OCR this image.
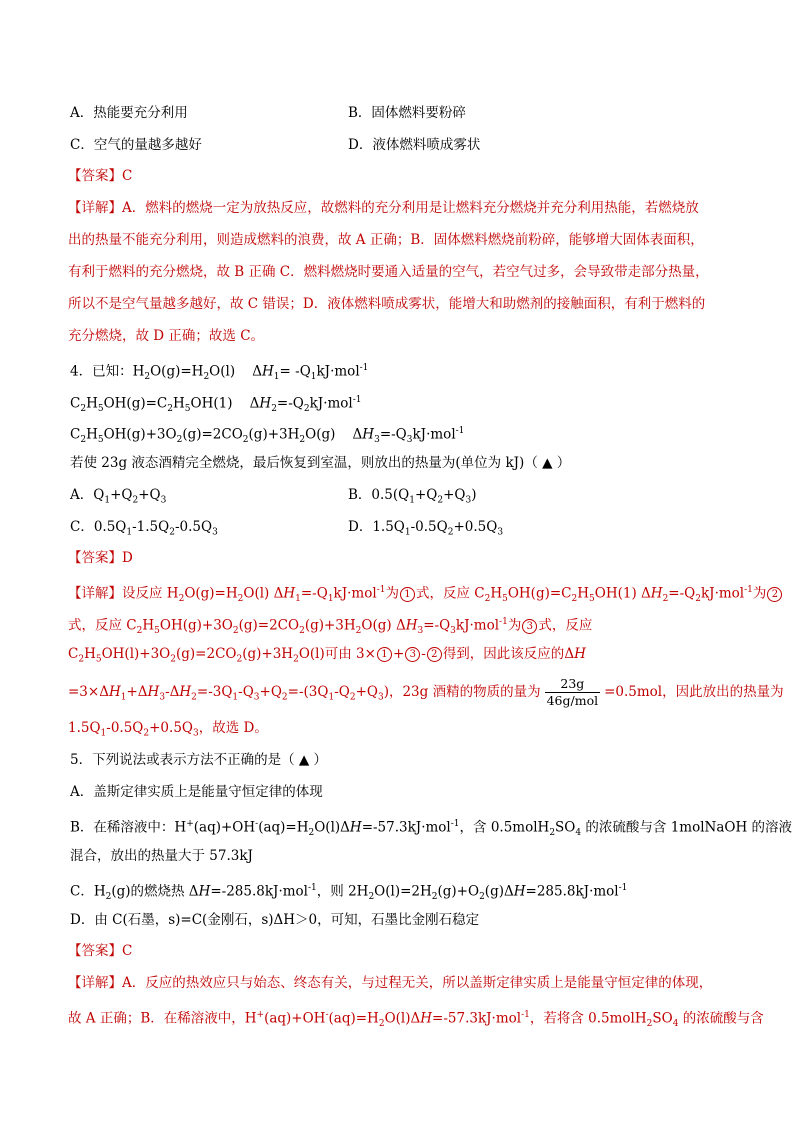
A．热能要充分利用	B．固体燃料要粉碎
C．空气的量越多越好	D．液体燃料喷成雾状
【答案】C
【详解】A．燃料的燃烧一定为放热反应，故燃料的充分利用是让燃料充分燃烧并充分利用热能，若燃烧放
出的热量不能充分利用，则造成燃料的浪费，故 A 正确；B．固体燃料燃烧前粉碎，能够增大固体表面积，
有利于燃料的充分燃烧，故 B 正确 C．燃料燃烧时要通入适量的空气，若空气过多，会导致带走部分热量，
所以不是空气量越多越好，故 C 错误；D．液体燃料喷成雾状，能增大和助燃剂的接触面积，有利于燃料的
充分燃烧，故 D 正确；故选 C。
4．已知：$H_2O(g)=H_2O(l)$    $\Delta H_1= -Q_1kJ\cdot mol^{-1}$
$C_2H_5OH(g)=C_2H_5OH(1)$    $\Delta H_2=-Q_2kJ\cdot mol^{-1}$
$C_2H_5OH(g)+3O_2(g)=2CO_2(g)+3H_2O(g)$    $\Delta H_3=-Q_3kJ\cdot mol^{-1}$
若使 23g 液态酒精完全燃烧，最后恢复到室温，则放出的热量为(单位为 kJ)（ ▲ ）
A．$Q_1+Q_2+Q_3$	B．$0.5(Q_1+Q_2+Q_3)$
C．$0.5Q_1-1.5Q_2-0.5Q_3$	D．$1.5Q_1-0.5Q_2+0.5Q_3$
【答案】D
【详解】设反应 $H_2O(g)=H_2O(l)$ $\Delta H_1=-Q_1kJ\cdot mol^{-1}$为 1 式，反应 $C_2H_5OH(g)=C_2H_5OH(1)$ $\Delta H_2=-Q_2kJ\cdot mol^{-1}$为 2
式，反应 $C_2H_5OH(g)+3O_2(g)=2CO_2(g)+3H_2O(g)$ $\Delta H_3=-Q_3kJ\cdot mol^{-1}$为 3 式，反应
$C_2H_5OH(l)+3O_2(g)=2CO_2(g)+3H_2O(l)$可由 3× 1 + 3 - 2 得到，因此该反应的ΔH
$=3\times\Delta H_1+\Delta H_3-\Delta H_2=-3Q_1-Q_3+Q_2=-(3Q_1-Q_2+Q_3)$，23g 酒精的物质的量为 $\frac{23g}{\text{46g/mol}} =0.5mol$，因此放出的热量为
$1.5Q_1-0.5Q_2+0.5Q_3$，故选 D。
5．下列说法或表示方法不正确的是（ ▲ ）
A．盖斯定律实质上是能量守恒定律的体现
B．在稀溶液中：$H^+(aq)+OH^-(aq)=H_2O(l)\Delta H=-57.3kJ\cdot mol^{-1}$，含 $0.5molH_2SO_4$ 的浓硫酸与含 1molNaOH 的溶液
混合，放出的热量大于 57.3kJ
C．$H_2(g)$的燃烧热 ΔH=-285.8kJ·mol$^{-1}$，则 $2H_2O(l)=2H_2(g)+O_2(g)\Delta H=285.8kJ\cdot mol^{-1}$
D．由 C(石墨，s)=C(金刚石，s)ΔH＞0，可知，石墨比金刚石稳定
【答案】C
【详解】A．反应的热效应只与始态、终态有关，与过程无关，所以盖斯定律实质上是能量守恒定律的体现，
故 A 正确；B．在稀溶液中，$H^+(aq)+OH^-(aq)=H_2O(l)\Delta H=-57.3kJ\cdot mol^{-1}$，若将含 $0.5molH_2SO_4$ 的浓硫酸与含
